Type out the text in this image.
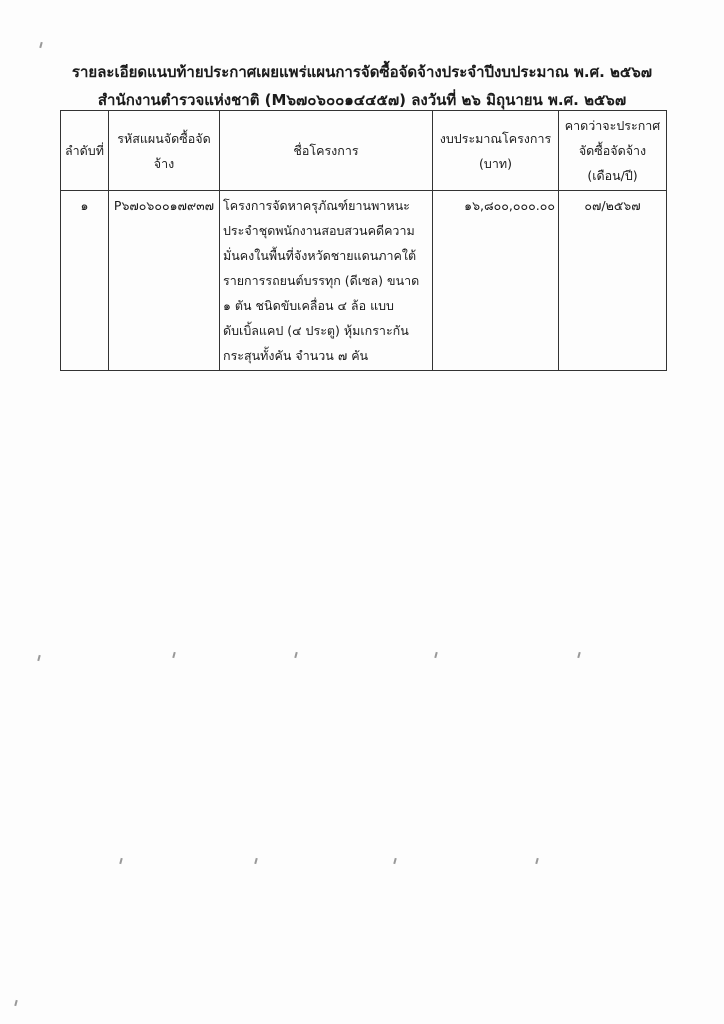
รายละเอียดแนบท้ายประกาศเผยแพร่แผนการจัดซื้อจัดจ้างประจำปีงบประมาณ พ.ศ. ๒๕๖๗
สำนักงานตำรวจแห่งชาติ (M๖๗๐๖๐๐๑๔๔๕๗) ลงวันที่ ๒๖ มิถุนายน พ.ศ. ๒๕๖๗
ลำดับที่	รหัสแผนจัดซื้อจัดจ้าง	ชื่อโครงการ	งบประมาณโครงการ (บาท)	คาดว่าจะประกาศจัดซื้อจัดจ้าง (เดือน/ปี)
๑	P๖๗๐๖๐๐๑๗๙๓๗	โครงการจัดหาครุภัณฑ์ยานพาหนะประจำชุดพนักงานสอบสวนคดีความมั่นคงในพื้นที่จังหวัดชายแดนภาคใต้ รายการรถยนต์บรรทุก (ดีเซล) ขนาด ๑ ตัน ชนิดขับเคลื่อน ๔ ล้อ แบบดับเบิ้ลแคป (๔ ประตู) หุ้มเกราะกันกระสุนทั้งคัน จำนวน ๗ คัน	๑๖,๘๐๐,๐๐๐.๐๐	๐๗/๒๕๖๗
